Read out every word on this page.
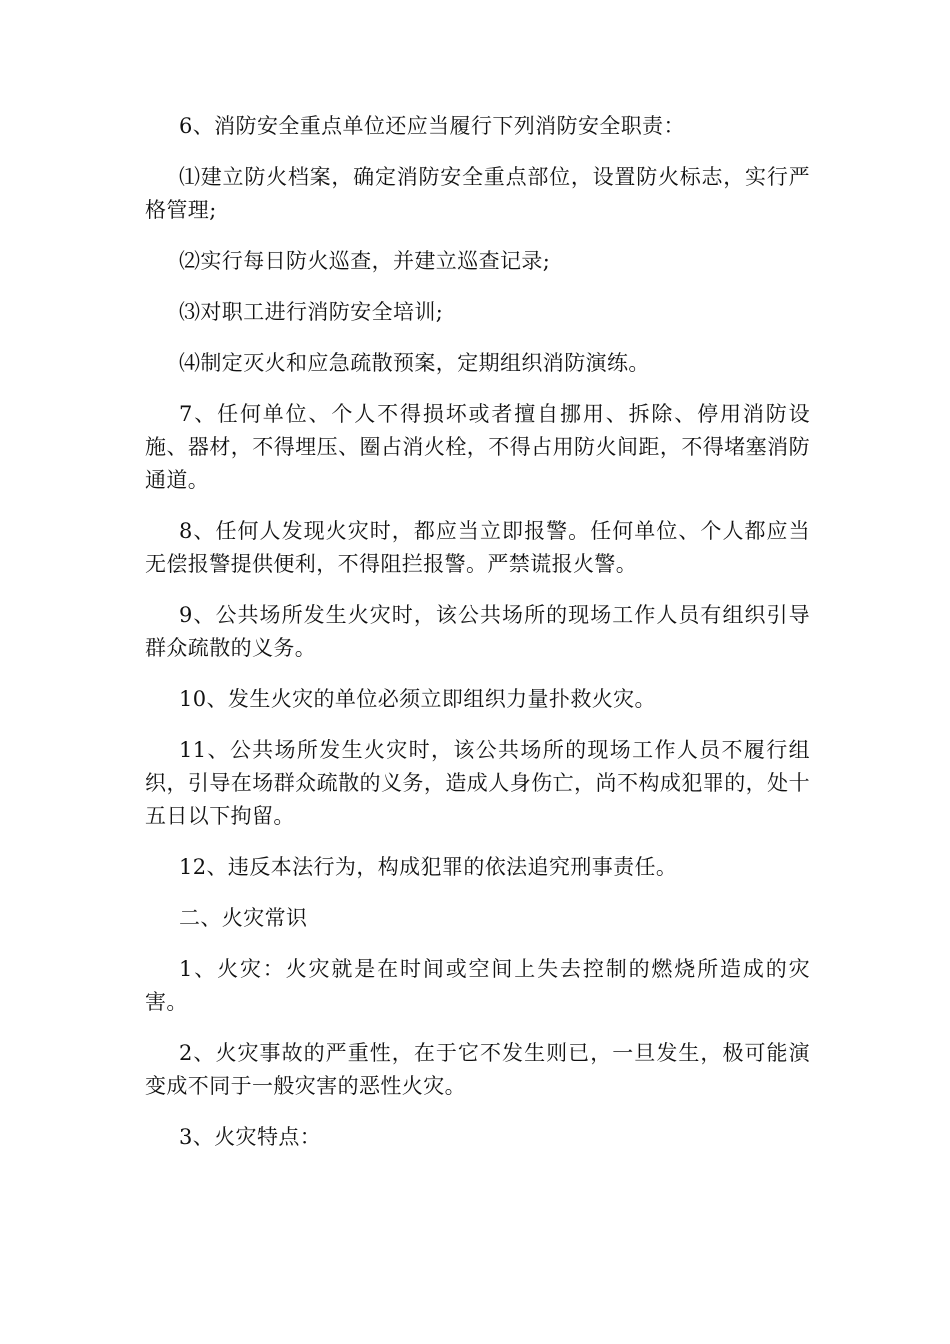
6、消防安全重点单位还应当履行下列消防安全职责：

⑴建立防火档案，确定消防安全重点部位，设置防火标志，实行严格管理;

⑵实行每日防火巡查，并建立巡查记录;

⑶对职工进行消防安全培训;

⑷制定灭火和应急疏散预案，定期组织消防演练。

7、任何单位、个人不得损坏或者擅自挪用、拆除、停用消防设施、器材，不得埋压、圈占消火栓，不得占用防火间距，不得堵塞消防通道。

8、任何人发现火灾时，都应当立即报警。任何单位、个人都应当无偿报警提供便利，不得阻拦报警。严禁谎报火警。

9、公共场所发生火灾时，该公共场所的现场工作人员有组织引导群众疏散的义务。

10、发生火灾的单位必须立即组织力量扑救火灾。

11、公共场所发生火灾时，该公共场所的现场工作人员不履行组织，引导在场群众疏散的义务，造成人身伤亡，尚不构成犯罪的，处十五日以下拘留。

12、违反本法行为，构成犯罪的依法追究刑事责任。

二、火灾常识

1、火灾：火灾就是在时间或空间上失去控制的燃烧所造成的灾害。

2、火灾事故的严重性，在于它不发生则已，一旦发生，极可能演变成不同于一般灾害的恶性火灾。

3、火灾特点：
